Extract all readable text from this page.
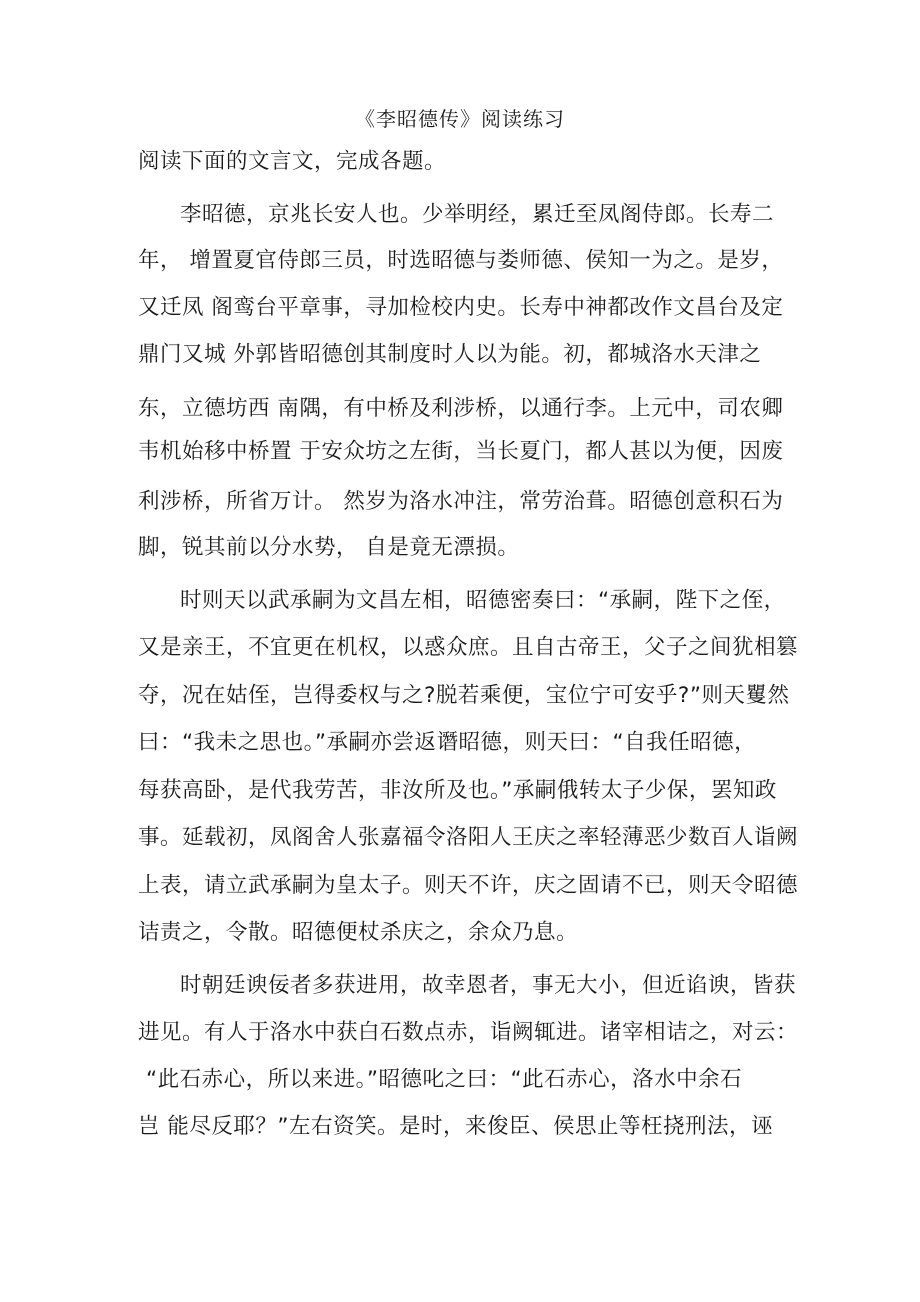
《李昭德传》阅读练习
阅读下面的文言文，完成各题。
李昭德，京兆长安人也。少举明经，累迁至凤阁侍郎。长寿二
年， 增置夏官侍郎三员，时选昭德与娄师德、侯知一为之。是岁，
又迁凤 阁鸾台平章事，寻加检校内史。长寿中神都改作文昌台及定
鼎门又城 外郭皆昭德创其制度时人以为能。初，都城洛水天津之
东，立德坊西 南隅，有中桥及利涉桥，以通行李。上元中，司农卿
韦机始移中桥置 于安众坊之左街，当长夏门，都人甚以为便，因废
利涉桥，所省万计。 然岁为洛水冲注，常劳治葺。昭德创意积石为
脚，锐其前以分水势， 自是竟无漂损。
时则天以武承嗣为文昌左相，昭德密奏曰：“承嗣，陛下之侄，
又是亲王，不宜更在机权，以惑众庶。且自古帝王，父子之间犹相篡
夺，况在姑侄，岂得委权与之?脱若乘便，宝位宁可安乎?”则天矍然
曰：“我未之思也。”承嗣亦尝返谮昭德，则天曰：“自我任昭德，
每获高卧，是代我劳苦，非汝所及也。”承嗣俄转太子少保，罢知政
事。延载初，凤阁舍人张嘉福令洛阳人王庆之率轻薄恶少数百人诣阙
上表，请立武承嗣为皇太子。则天不许，庆之固请不已，则天令昭德
诘责之，令散。昭德便杖杀庆之，余众乃息。
时朝廷谀佞者多获进用，故幸恩者，事无大小，但近谄谀，皆获
进见。有人于洛水中获白石数点赤，诣阙辄进。诸宰相诘之，对云：
“此石赤心，所以来进。”昭德叱之曰：“此石赤心，洛水中余石
岂 能尽反耶？”左右资笑。是时，来俊臣、侯思止等枉挠刑法，诬
